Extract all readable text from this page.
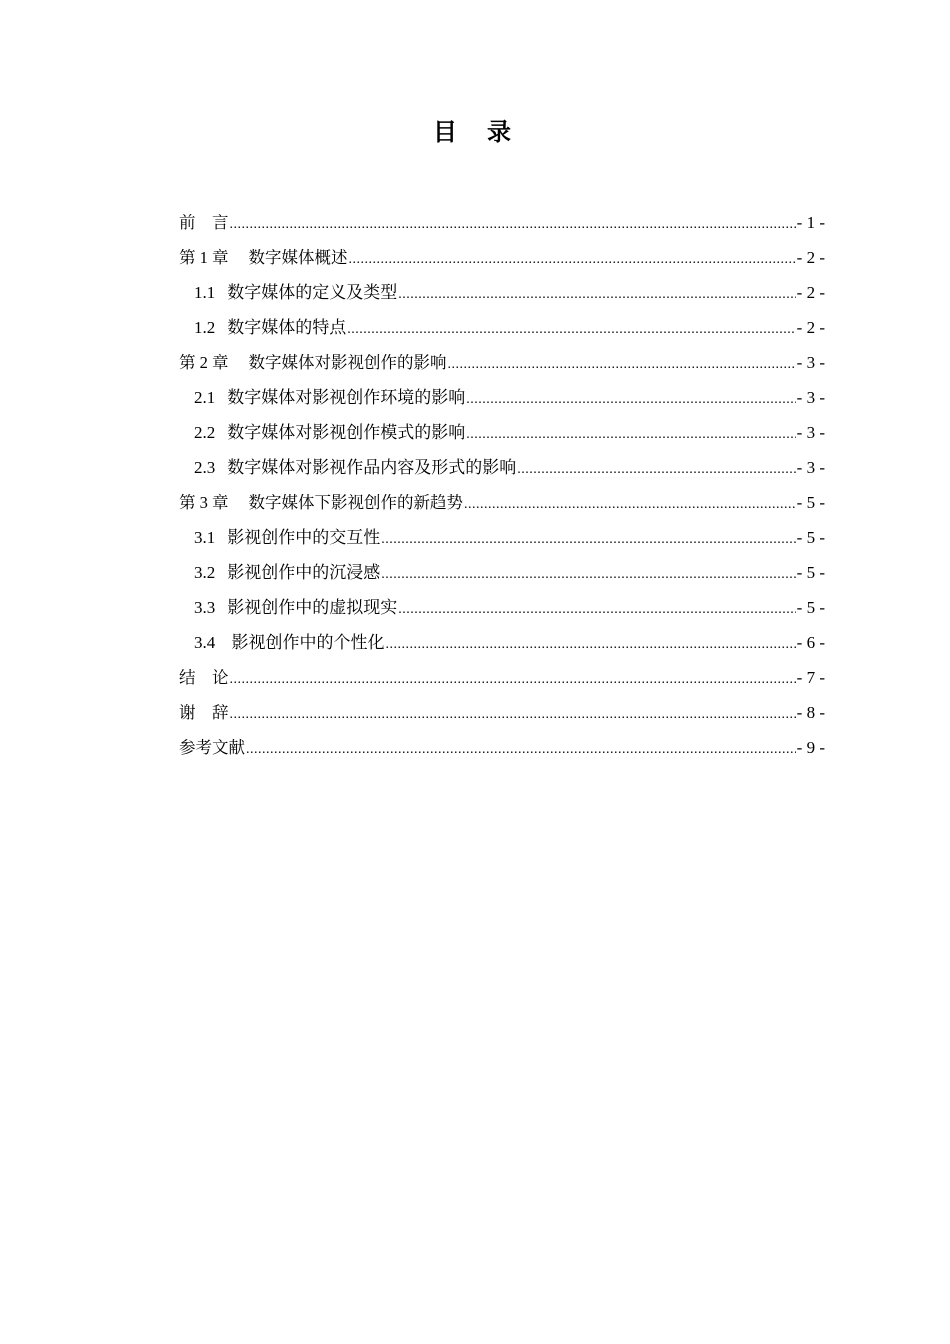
目 录
前　言 .....	- 1 -
第 1 章 数字媒体概述 .....	- 2 -
1.1 数字媒体的定义及类型 .....	- 2 -
1.2 数字媒体的特点 .....	- 2 -
第 2 章 数字媒体对影视创作的影响 .....	- 3 -
2.1 数字媒体对影视创作环境的影响 .....	- 3 -
2.2 数字媒体对影视创作模式的影响 .....	- 3 -
2.3 数字媒体对影视作品内容及形式的影响 .....	- 3 -
第 3 章 数字媒体下影视创作的新趋势 .....	- 5 -
3.1 影视创作中的交互性 .....	- 5 -
3.2 影视创作中的沉浸感 .....	- 5 -
3.3 影视创作中的虚拟现实 .....	- 5 -
3.4 影视创作中的个性化 .....	- 6 -
结　论 .....	- 7 -
谢　辞 .....	- 8 -
参考文献 .....	- 9 -
